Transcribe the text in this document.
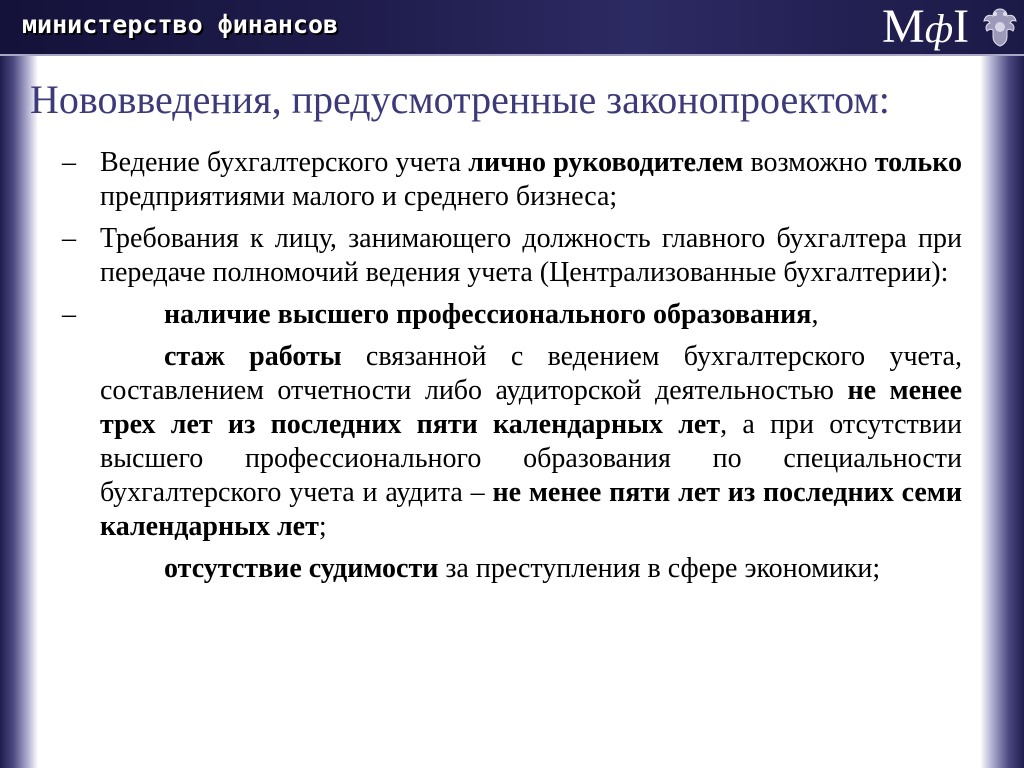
министерство финансов	МфI
Нововведения, предусмотренные законопроектом:
– Ведение бухгалтерского учета лично руководителем возможно только предприятиями малого и среднего бизнеса;
– Требования к лицу, занимающего должность главного бухгалтера при передаче полномочий ведения учета (Централизованные бухгалтерии):
–	наличие высшего профессионального образования,
стаж работы связанной с ведением бухгалтерского учета, составлением отчетности либо аудиторской деятельностью не менее трех лет из последних пяти календарных лет, а при отсутствии высшего профессионального образования по специальности бухгалтерского учета и аудита – не менее пяти лет из последних семи календарных лет;
отсутствие судимости за преступления в сфере экономики;
